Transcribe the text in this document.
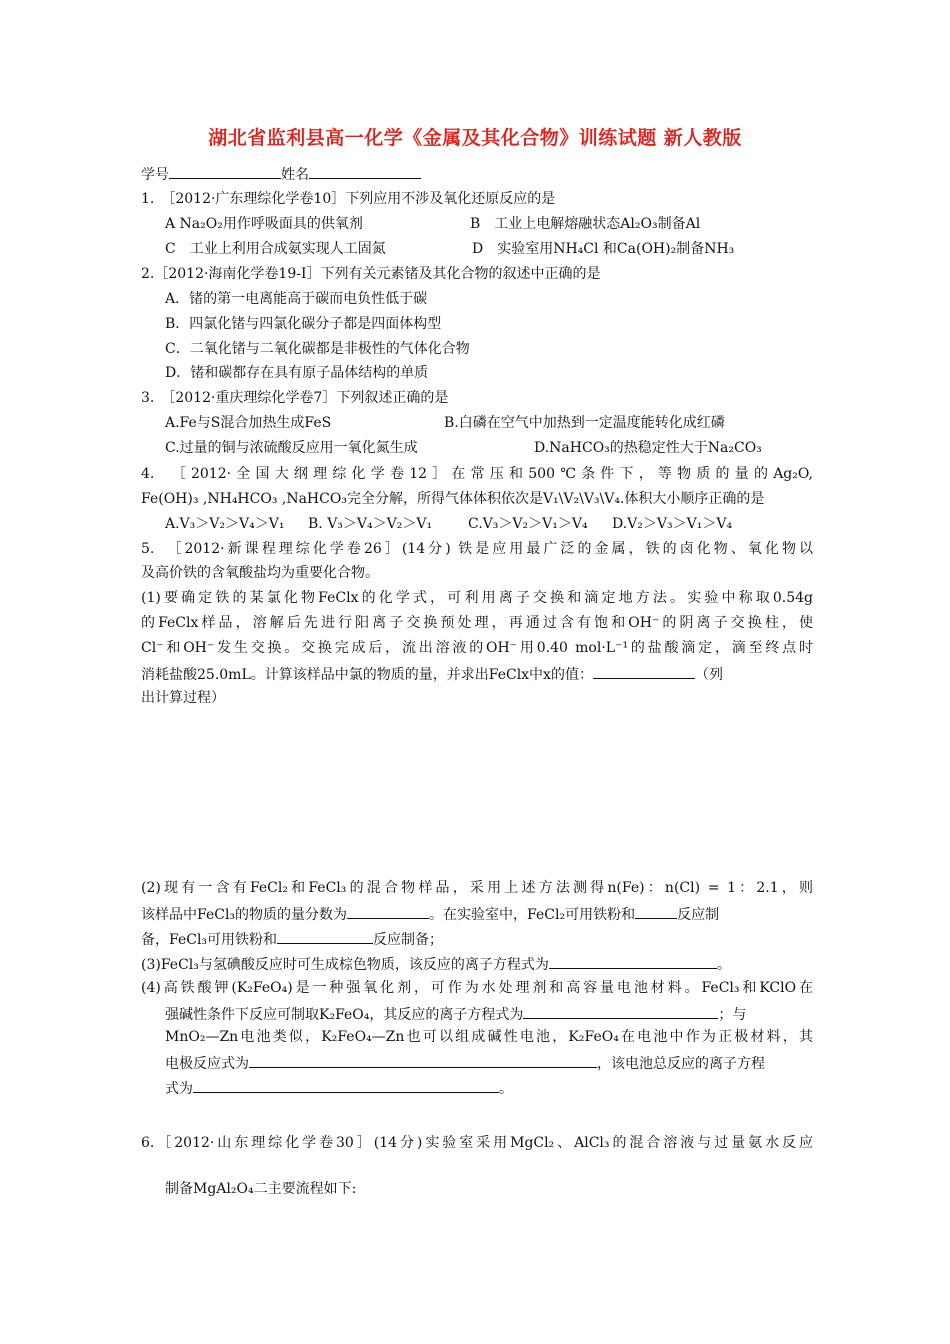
湖北省监利县高一化学《金属及其化合物》训练试题 新人教版
学号	姓名
1.　［2012·广东理综化学卷10］下列应用不涉及氧化还原反应的是
A Na₂O₂用作呼吸面具的供氧剂	B　工业上电解熔融状态Al₂O₃制备Al
C　工业上利用合成氨实现人工固氮	D　实验室用NH₄Cl 和Ca(OH)₂制备NH₃
2.［2012·海南化学卷19-I］下列有关元素锗及其化合物的叙述中正确的是
A．锗的第一电离能高于碳而电负性低于碳
B．四氯化锗与四氯化碳分子都是四面体构型
C．二氧化锗与二氧化碳都是非极性的气体化合物
D．锗和碳都存在具有原子晶体结构的单质
3.　［2012·重庆理综化学卷7］下列叙述正确的是
A.Fe与S混合加热生成FeS	B.白磷在空气中加热到一定温度能转化成红磷
C.过量的铜与浓硫酸反应用一氧化氮生成	D.NaHCO₃的热稳定性大于Na₂CO₃
4.　［2012·全国大纲理综化学卷12］在常压和500℃条件下，等物质的量的Ag₂O,
Fe(OH)₃ ,NH₄HCO₃ ,NaHCO₃完全分解，所得气体体积依次是V₁\V₂\V₃\V₄.体积大小顺序正确的是
A.V₃＞V₂＞V₄＞V₁ B. V₃＞V₄＞V₂＞V₁	C.V₃＞V₂＞V₁＞V₄ D.V₂＞V₃＞V₁＞V₄
5.　［2012·新课程理综化学卷26］(14分) 铁是应用最广泛的金属，铁的卤化物、氧化物以
及高价铁的含氧酸盐均为重要化合物。
(1)要确定铁的某氯化物FeClx的化学式，可利用离子交换和滴定地方法。实验中称取0.54g
的FeClx样品，溶解后先进行阳离子交换预处理，再通过含有饱和OH⁻的阴离子交换柱，使
Cl⁻和OH⁻发生交换。交换完成后，流出溶液的OH⁻用0.40 mol·L⁻¹的盐酸滴定，滴至终点时
消耗盐酸25.0mL。计算该样品中氯的物质的量，并求出FeClx中x的值：	（列
出计算过程）
(2)现有一含有FeCl₂和FeCl₃的混合物样品，采用上述方法测得n(Fe)：n(Cl) = 1：2.1，则
该样品中FeCl₃的物质的量分数为	。在实验室中，FeCl₂可用铁粉和	反应制
备，FeCl₃可用铁粉和	反应制备；
(3)FeCl₃与氢碘酸反应时可生成棕色物质，该反应的离子方程式为	。
(4)高铁酸钾(K₂FeO₄)是一种强氧化剂，可作为水处理剂和高容量电池材料。FeCl₃和KClO在
强碱性条件下反应可制取K₂FeO₄，其反应的离子方程式为	；与
MnO₂—Zn电池类似，K₂FeO₄—Zn也可以组成碱性电池，K₂FeO₄在电池中作为正极材料，其
电极反应式为	，该电池总反应的离子方程
式为	。
6.［2012·山东理综化学卷30］(14分)实验室采用MgCl₂、AlCl₃的混合溶液与过量氨水反应
制备MgAl₂O₄二主要流程如下:
